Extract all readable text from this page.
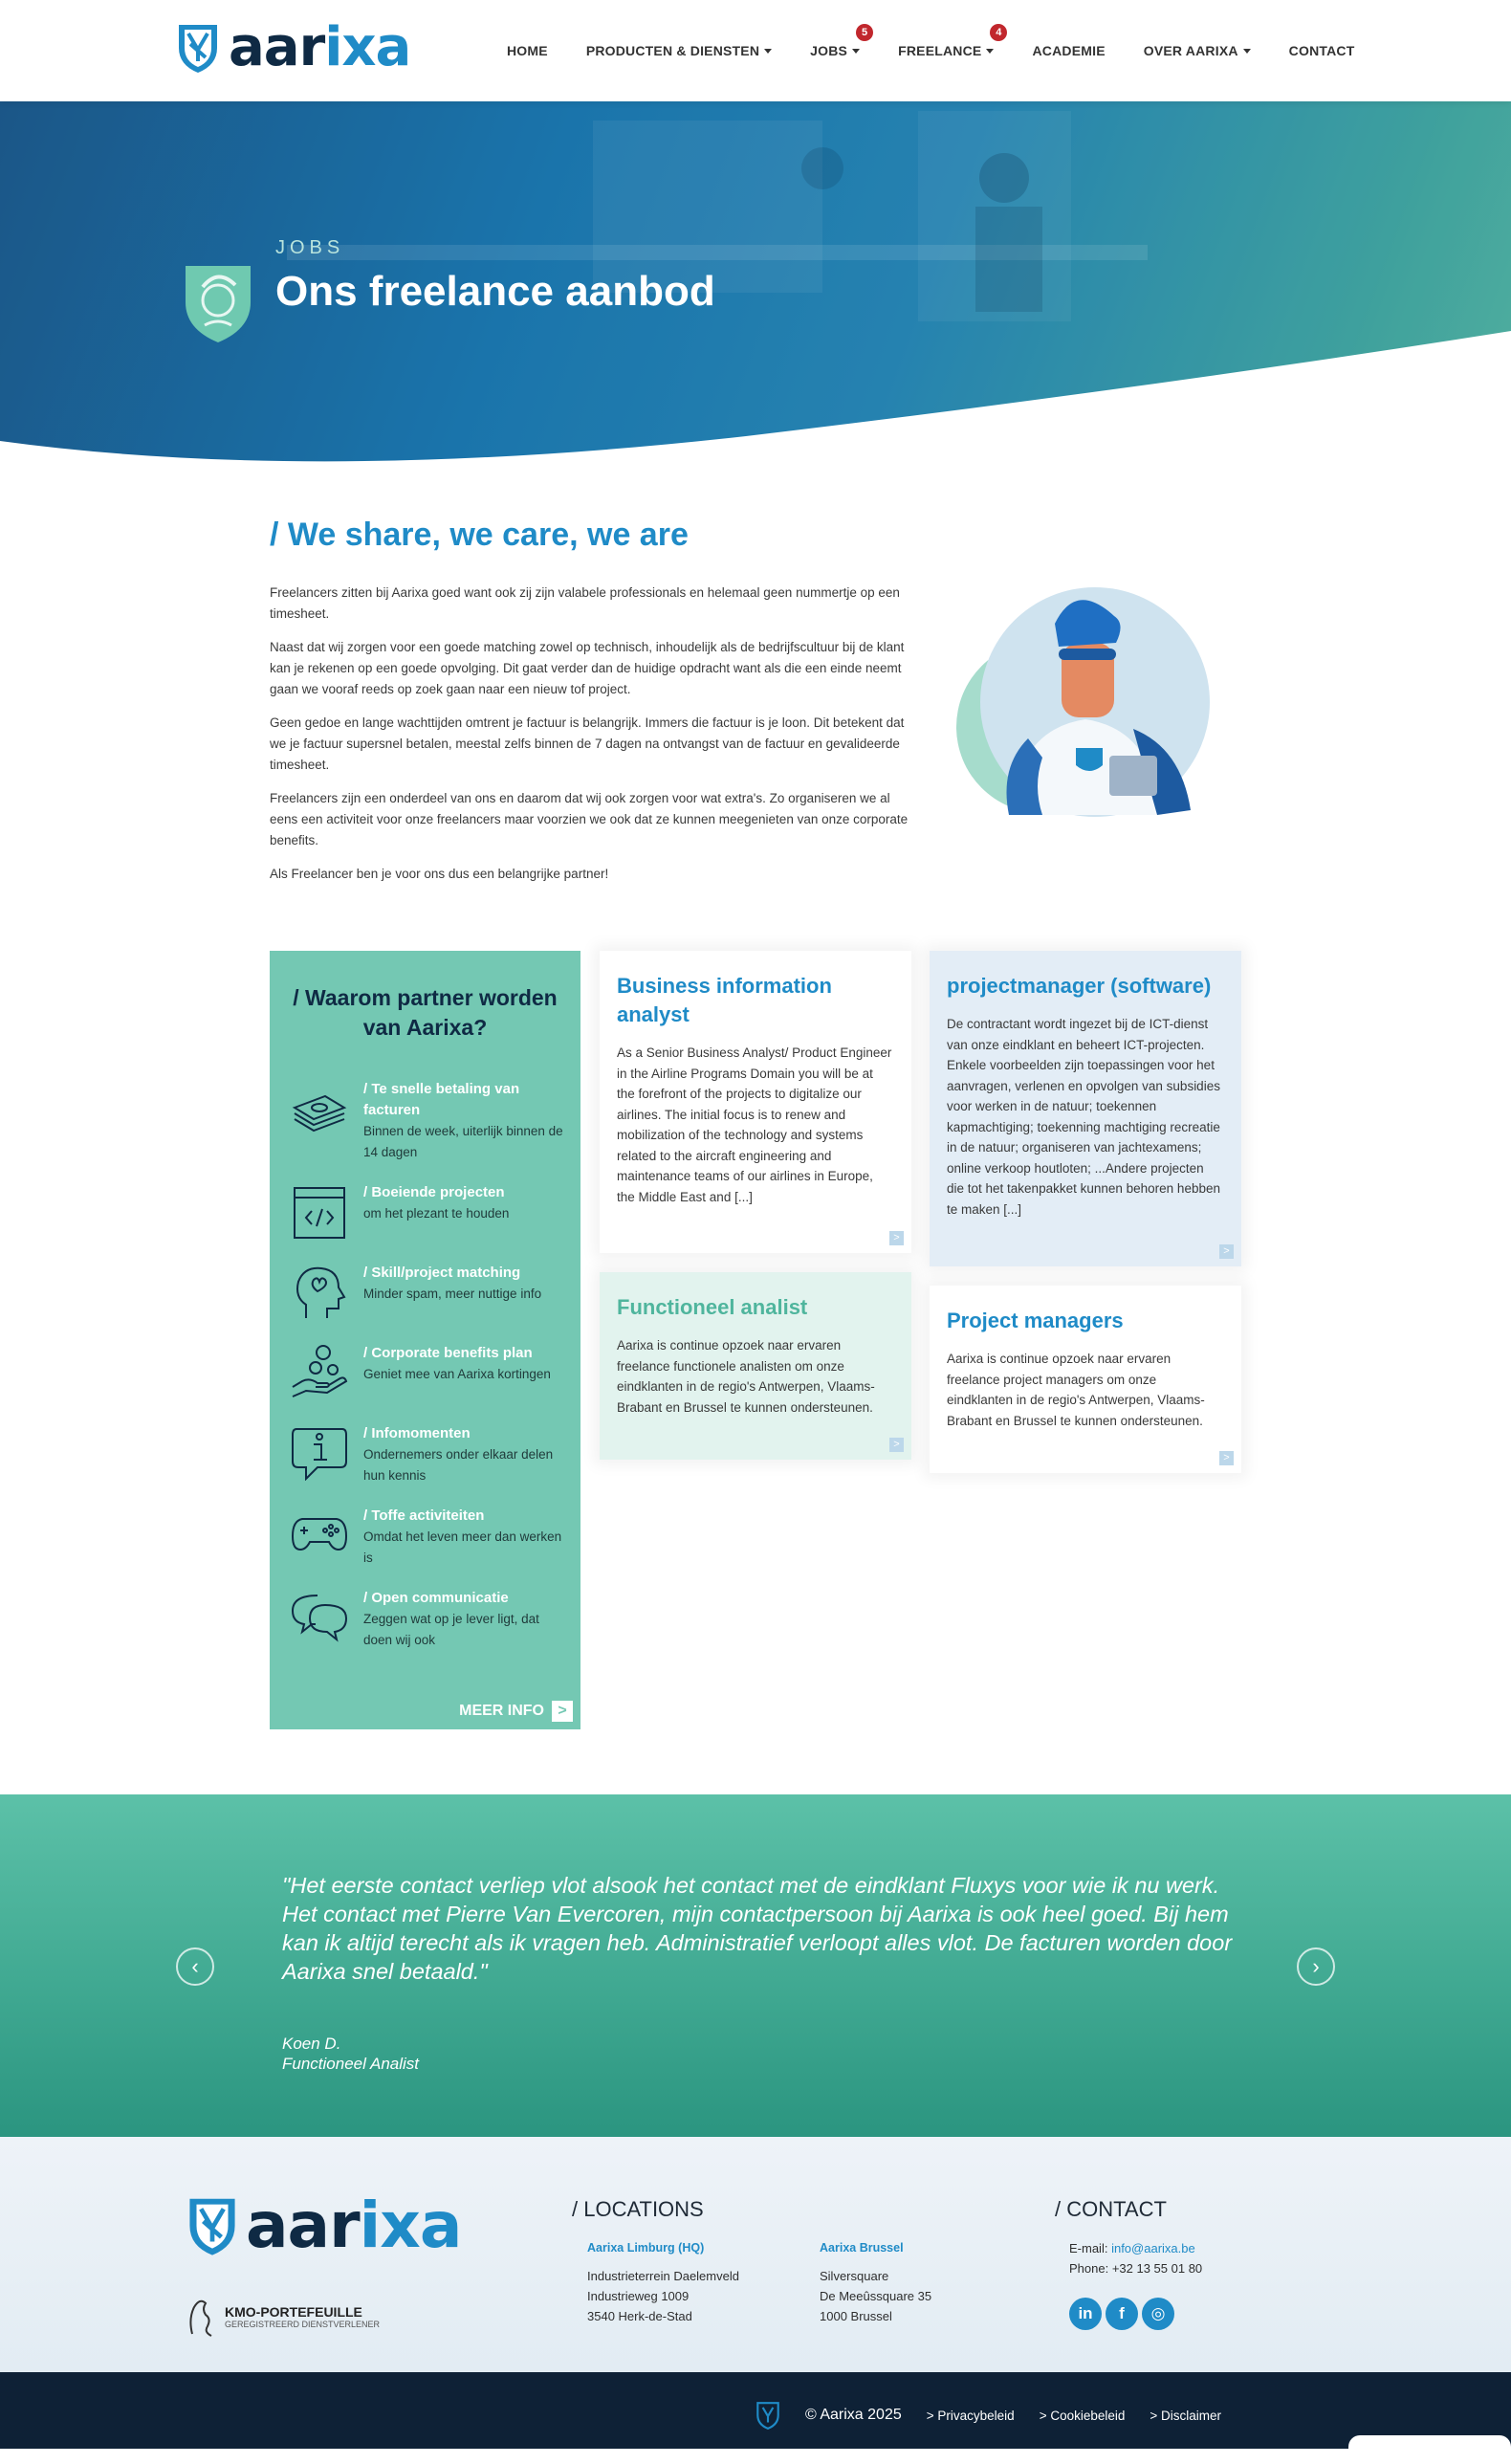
aarixa	HOME	PRODUCTEN & DIENSTEN	JOBS
5
FREELANCE
4
ACADEMIE	OVER AARIXA	CONTACT
JOBS
Ons freelance aanbod
/ We share, we care, we are

Freelancers zitten bij Aarixa goed want ook zij zijn valabele professionals en helemaal geen nummertje op een timesheet.

Naast dat wij zorgen voor een goede matching zowel op technisch, inhoudelijk als de bedrijfscultuur bij de klant kan je rekenen op een goede opvolging. Dit gaat verder dan de huidige opdracht want als die een einde neemt gaan we vooraf reeds op zoek gaan naar een nieuw tof project.

Geen gedoe en lange wachttijden omtrent je factuur is belangrijk. Immers die factuur is je loon. Dit betekent dat we je factuur supersnel betalen, meestal zelfs binnen de 7 dagen na ontvangst van de factuur en gevalideerde timesheet.

Freelancers zijn een onderdeel van ons en daarom dat wij ook zorgen voor wat extra's. Zo organiseren we al eens een activiteit voor onze freelancers maar voorzien we ook dat ze kunnen meegenieten van onze corporate benefits.

Als Freelancer ben je voor ons dus een belangrijke partner!

/ Waarom partner worden van Aarixa?
/ Te snelle betaling van facturen
Binnen de week, uiterlijk binnen de 14 dagen
/ Boeiende projecten
om het plezant te houden
/ Skill/project matching
Minder spam, meer nuttige info
/ Corporate benefits plan
Geniet mee van Aarixa kortingen
/ Infomomenten
Ondernemers onder elkaar delen hun kennis
/ Toffe activiteiten
Omdat het leven meer dan werken is
/ Open communicatie
Zeggen wat op je lever ligt, dat doen wij ook
MEER INFO >
Business information analyst
As a Senior Business Analyst/ Product Engineer in the Airline Programs Domain you will be at the forefront of the projects to digitalize our airlines. The initial focus is to renew and mobilization of the technology and systems related to the aircraft engineering and maintenance teams of our airlines in Europe, the Middle East and [...]
>
projectmanager (software)
De contractant wordt ingezet bij de ICT-dienst van onze eindklant en beheert ICT-projecten. Enkele voorbeelden zijn toepassingen voor het aanvragen, verlenen en opvolgen van subsidies voor werken in de natuur; toekennen kapmachtiging; toekenning machtiging recreatie in de natuur; organiseren van jachtexamens; online verkoop houtloten; ...Andere projecten die tot het takenpakket kunnen behoren hebben te maken [...]
>
Functioneel analist
Aarixa is continue opzoek naar ervaren freelance functionele analisten om onze eindklanten in de regio's Antwerpen, Vlaams-Brabant en Brussel te kunnen ondersteunen.
>
Project managers
Aarixa is continue opzoek naar ervaren freelance project managers om onze eindklanten in de regio's Antwerpen, Vlaams-Brabant en Brussel te kunnen ondersteunen.
>
‹	›
"Het eerste contact verliep vlot alsook het contact met de eindklant Fluxys voor wie ik nu werk. Het contact met Pierre Van Evercoren, mijn contactpersoon bij Aarixa is ook heel goed. Bij hem kan ik altijd terecht als ik vragen heb. Administratief verloopt alles vlot. De facturen worden door Aarixa snel betaald."
Koen D.
Functioneel Analist
aarixa
KMO-PORTEFEUILLE
GEREGISTREERD DIENSTVERLENER
/ LOCATIONS
Aarixa Limburg (HQ)
Industrieterrein Daelemveld
Industrieweg 1009
3540 Herk-de-Stad
Aarixa Brussel
Silversquare
De Meeûssquare 35
1000 Brussel
/ CONTACT
E-mail: info@aarixa.be
Phone: +32 13 55 01 80
in	f	◎
© Aarixa 2025 > Privacybeleid > Cookiebeleid > Disclaimer
